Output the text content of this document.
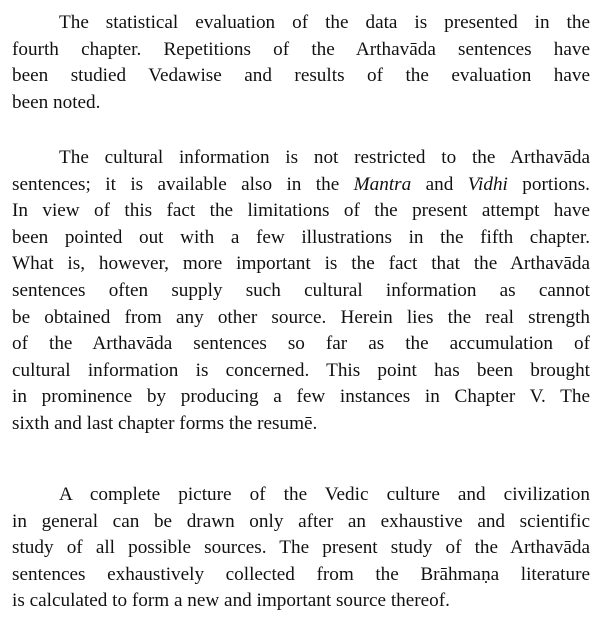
The statistical evaluation of the data is presented in the
fourth chapter. Repetitions of the Arthavāda sentences have
been studied Vedawise and results of the evaluation have
been noted.
The cultural information is not restricted to the Arthavāda
sentences; it is available also in the Mantra and Vidhi portions.
In view of this fact the limitations of the present attempt have
been pointed out with a few illustrations in the fifth chapter.
What is, however, more important is the fact that the Arthavāda
sentences often supply such cultural information as cannot
be obtained from any other source. Herein lies the real strength
of the Arthavāda sentences so far as the accumulation of
cultural information is concerned. This point has been brought
in prominence by producing a few instances in Chapter V. The
sixth and last chapter forms the resumē.
A complete picture of the Vedic culture and civilization
in general can be drawn only after an exhaustive and scientific
study of all possible sources. The present study of the Arthavāda
sentences exhaustively collected from the Brāhmaṇa literature
is calculated to form a new and important source thereof.
